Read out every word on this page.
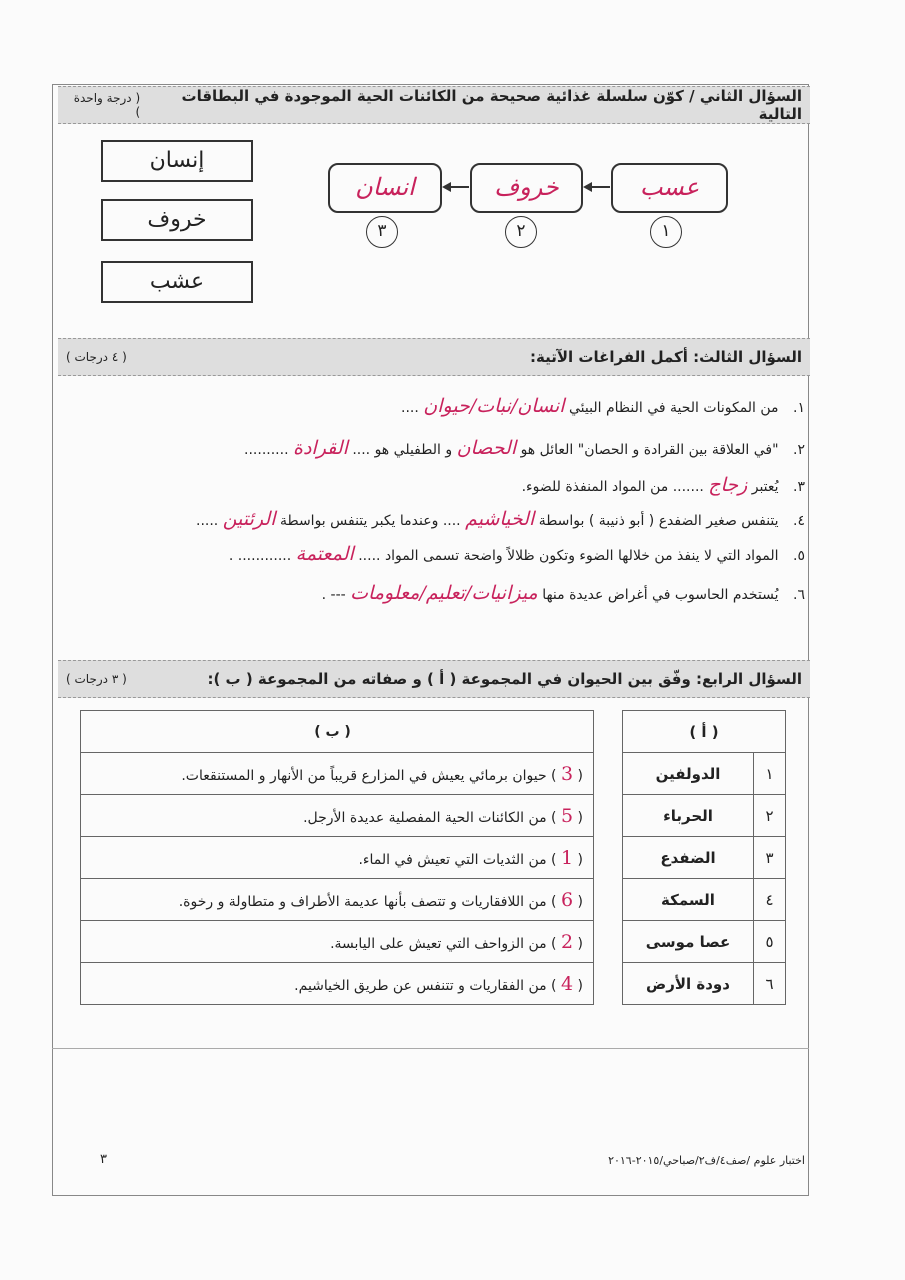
السؤال الثاني / كوّن سلسلة غذائية صحيحة من الكائنات الحية الموجودة في البطاقات التالية
( درجة واحدة )
إنسان
خروف
عشب
عسب
خروف
انسان
١
٢
٣
السؤال الثالث: أكمل الفراغات الآتية:
( ٤ درجات )
١. من المكونات الحية في النظام البيئي انسان/نبات/حيوان ....
٢. "في العلاقة بين القرادة و الحصان" العائل هو الحصان و الطفيلي هو .... القرادة ..........
٣. يُعتبر زجاج ....... من المواد المنفذة للضوء.
٤. يتنفس صغير الضفدع ( أبو ذنيبة ) بواسطة الخياشيم .... وعندما يكبر يتنفس بواسطة الرئتين .....
٥. المواد التي لا ينفذ من خلالها الضوء وتكون ظلالاً واضحة تسمى المواد ..... المعتمة ............ .
٦. يُستخدم الحاسوب في أغراض عديدة منها ميزانيات/تعليم/معلومات --- .
السؤال الرابع: وفّق بين الحيوان في المجموعة ( أ ) و صفاته من المجموعة ( ب ):
( ٣ درجات )
( ب )
( 3 ) حيوان برمائي يعيش في المزارع قريباً من الأنهار و المستنقعات.
( 5 ) من الكائنات الحية المفصلية عديدة الأرجل.
( 1 ) من الثديات التي تعيش في الماء.
( 6 ) من اللافقاريات و تتصف بأنها عديمة الأطراف و متطاولة و رخوة.
( 2 ) من الزواحف التي تعيش على اليابسة.
( 4 ) من الفقاريات و تتنفس عن طريق الخياشيم.
( أ )	
١	الدولفين
٢	الحرباء
٣	الضفدع
٤	السمكة
٥	عصا موسى
٦	دودة الأرض
٣	اختبار علوم /صف٤/ف٢/صباحي/٢٠١٥-٢٠١٦
